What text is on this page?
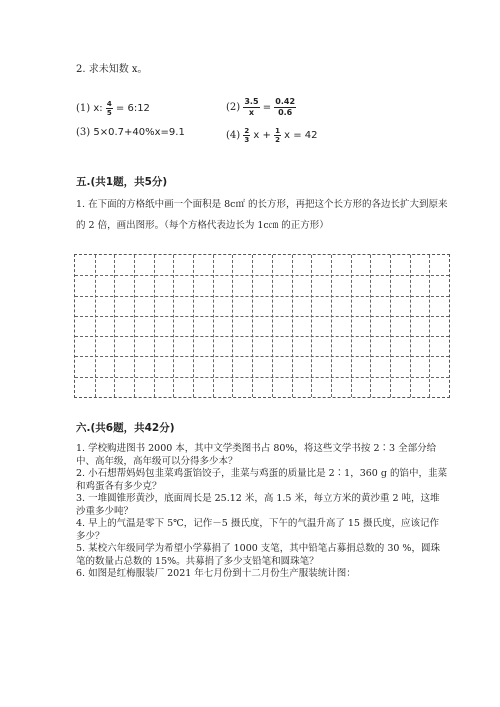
2. 求未知数 x。
(1) x: $\frac{4}{5}$ = 6:12	$(2) \frac{3.5}{x} = \frac{0.42}{0.6}$
(3) 5×0.7+40%x=9.1	$(4) \frac{2}{3}$ $x + \frac{1}{2}$ x = 42
五.(共1题，共5分)
1. 在下面的方格纸中画一个面积是 8c㎡ 的长方形，再把这个长方形的各边长扩大到原来的 2 倍，画出图形。（每个方格代表边长为 1c㎝ 的正方形）
六.(共6题，共42分)
1. 学校购进图书 2000 本，其中文学类图书占 80%，将这些文学书按 2∶3 全部分给中、高年级，高年级可以分得多少本？
2. 小石想帮妈妈包韭菜鸡蛋馅饺子，韭菜与鸡蛋的质量比是 2∶1，360 g 的馅中，韭菜和鸡蛋各有多少克？
3. 一堆圆锥形黄沙，底面周长是 25.12 米，高 1.5 米，每立方米的黄沙重 2 吨，这堆沙重多少吨？
4. 早上的气温是零下 5℃，记作－5 摄氏度，下午的气温升高了 15 摄氏度，应该记作多少？
5. 某校六年级同学为希望小学募捐了 1000 支笔，其中铅笔占募捐总数的 30 %，圆珠笔的数量占总数的 15%。共募捐了多少支铅笔和圆珠笔？
6. 如图是红梅服装厂 2021 年七月份到十二月份生产服装统计图：
